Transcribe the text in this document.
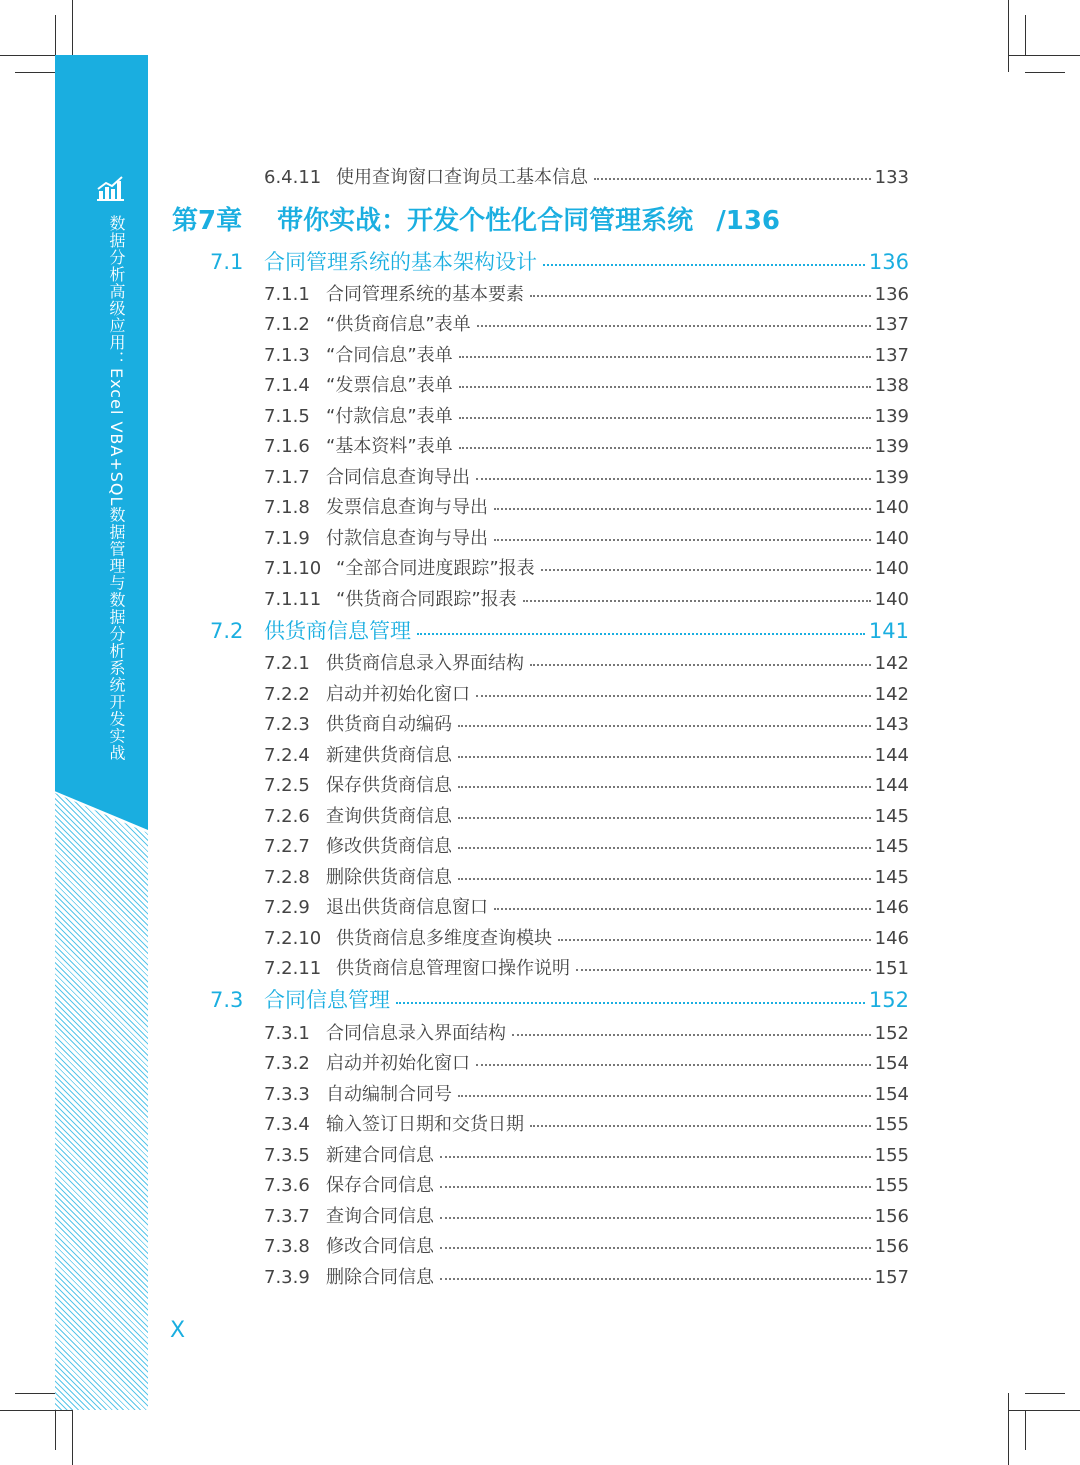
数据分析高级应用：Excel VBA+SQL数据管理与数据分析系统开发实战
6.4.11 使用查询窗口查询员工基本信息	133
第7章 带你实战：开发个性化合同管理系统 /136
7.1 合同管理系统的基本架构设计	136
7.1.1 合同管理系统的基本要素	136
7.1.2 “供货商信息”表单	137
7.1.3 “合同信息”表单	137
7.1.4 “发票信息”表单	138
7.1.5 “付款信息”表单	139
7.1.6 “基本资料”表单	139
7.1.7 合同信息查询导出	139
7.1.8 发票信息查询与导出	140
7.1.9 付款信息查询与导出	140
7.1.10 “全部合同进度跟踪”报表	140
7.1.11 “供货商合同跟踪”报表	140
7.2 供货商信息管理	141
7.2.1 供货商信息录入界面结构	142
7.2.2 启动并初始化窗口	142
7.2.3 供货商自动编码	143
7.2.4 新建供货商信息	144
7.2.5 保存供货商信息	144
7.2.6 查询供货商信息	145
7.2.7 修改供货商信息	145
7.2.8 删除供货商信息	145
7.2.9 退出供货商信息窗口	146
7.2.10 供货商信息多维度查询模块	146
7.2.11 供货商信息管理窗口操作说明	151
7.3 合同信息管理	152
7.3.1 合同信息录入界面结构	152
7.3.2 启动并初始化窗口	154
7.3.3 自动编制合同号	154
7.3.4 输入签订日期和交货日期	155
7.3.5 新建合同信息	155
7.3.6 保存合同信息	155
7.3.7 查询合同信息	156
7.3.8 修改合同信息	156
7.3.9 删除合同信息	157
X
